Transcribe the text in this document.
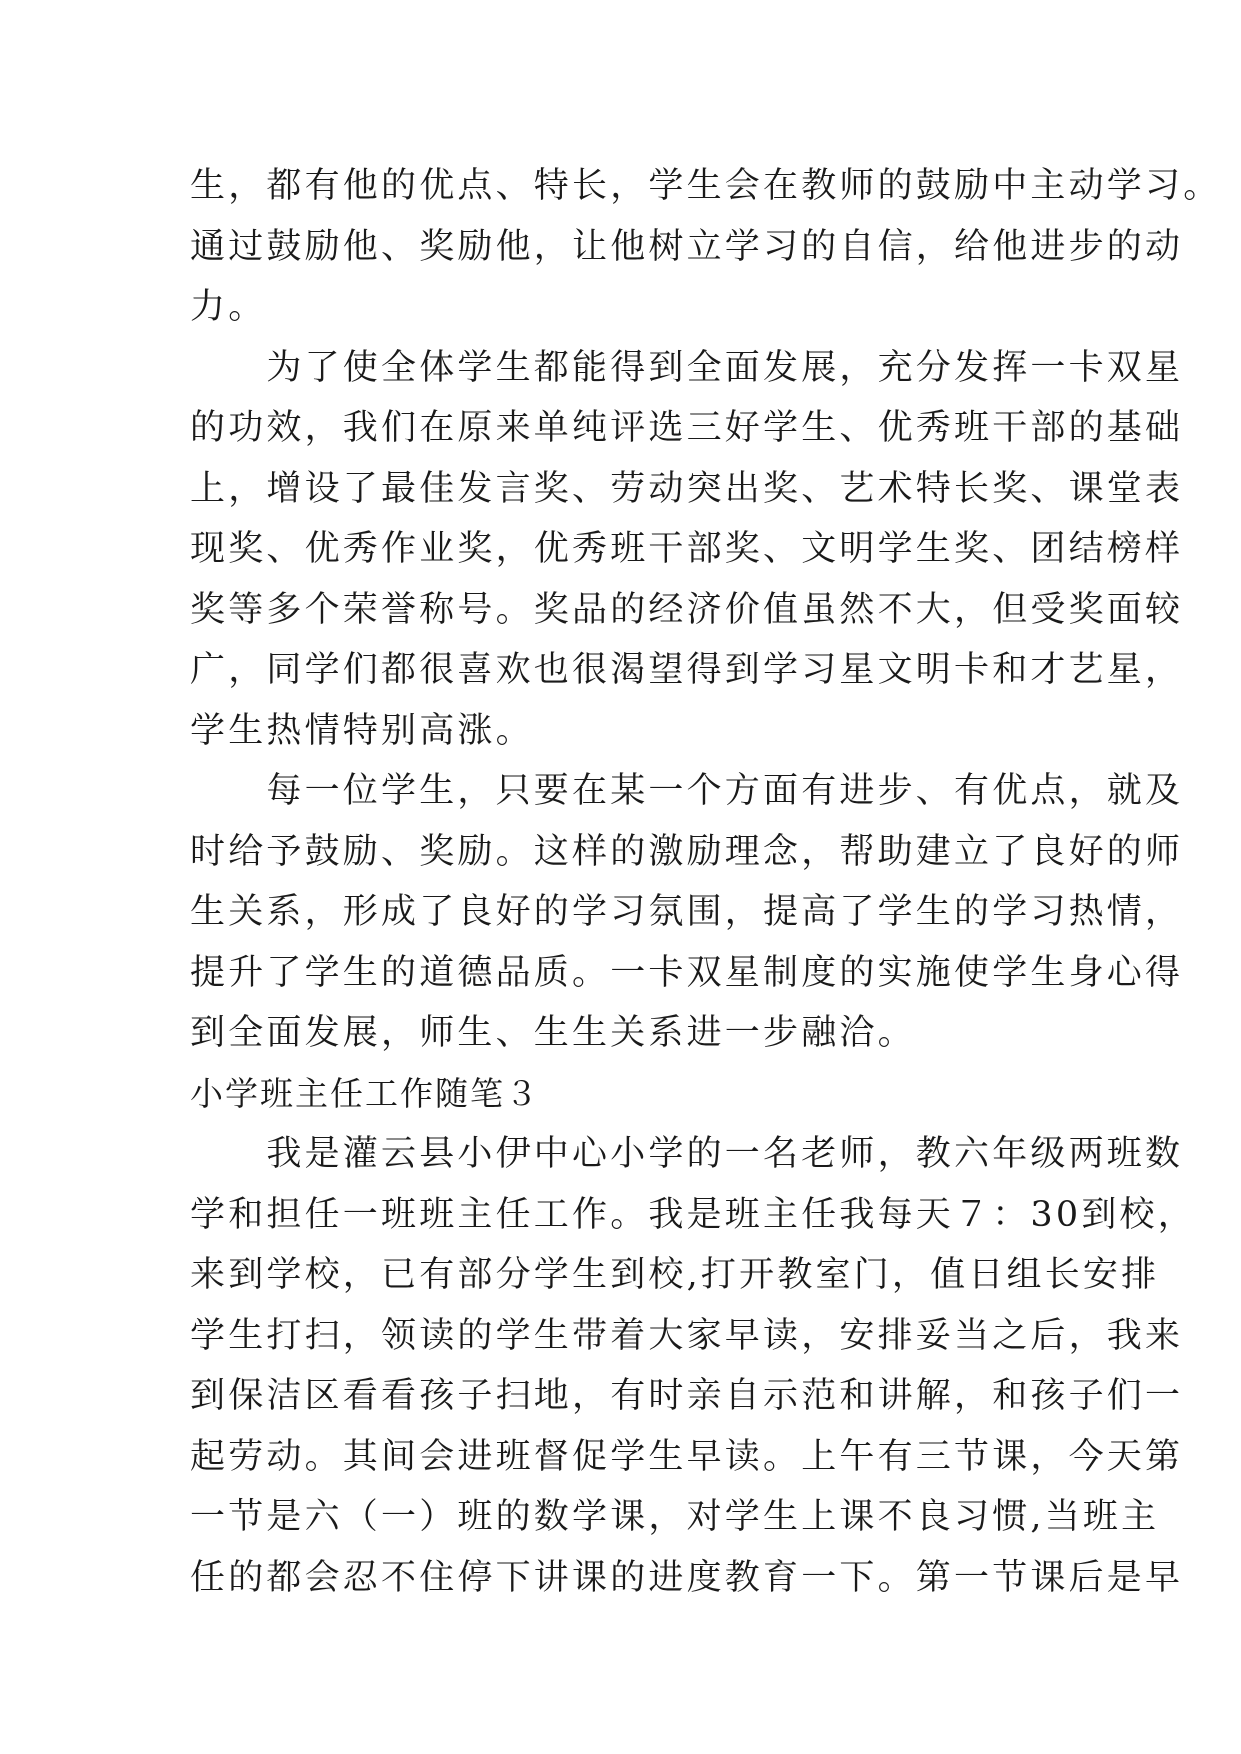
生，都有他的优点、特长，学生会在教师的鼓励中主动学习。
通过鼓励他、奖励他，让他树立学习的自信，给他进步的动
力。
　　为了使全体学生都能得到全面发展，充分发挥一卡双星
的功效，我们在原来单纯评选三好学生、优秀班干部的基础
上，增设了最佳发言奖、劳动突出奖、艺术特长奖、课堂表
现奖、优秀作业奖，优秀班干部奖、文明学生奖、团结榜样
奖等多个荣誉称号。奖品的经济价值虽然不大，但受奖面较
广，同学们都很喜欢也很渴望得到学习星文明卡和才艺星，
学生热情特别高涨。
　　每一位学生，只要在某一个方面有进步、有优点，就及
时给予鼓励、奖励。这样的激励理念，帮助建立了良好的师
生关系，形成了良好的学习氛围，提高了学生的学习热情，
提升了学生的道德品质。一卡双星制度的实施使学生身心得
到全面发展，师生、生生关系进一步融洽。
小学班主任工作随笔３
　　我是灌云县小伊中心小学的一名老师，教六年级两班数
学和担任一班班主任工作。我是班主任我每天７：30到校，
来到学校，已有部分学生到校,打开教室门，值日组长安排
学生打扫，领读的学生带着大家早读，安排妥当之后，我来
到保洁区看看孩子扫地，有时亲自示范和讲解，和孩子们一
起劳动。其间会进班督促学生早读。上午有三节课，今天第
一节是六（一）班的数学课，对学生上课不良习惯,当班主
任的都会忍不住停下讲课的进度教育一下。第一节课后是早
